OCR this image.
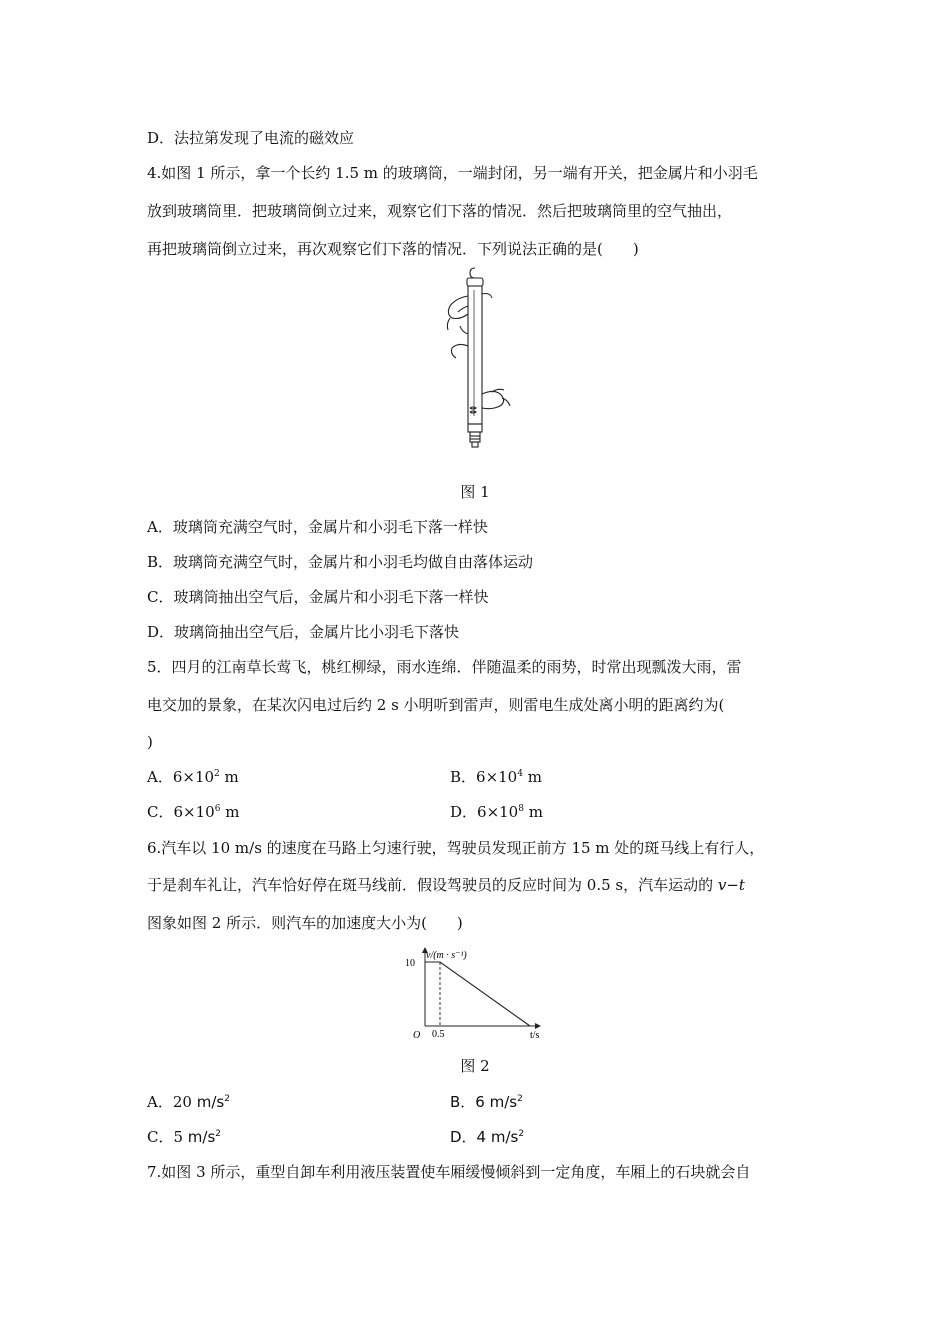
D．法拉第发现了电流的磁效应
4.如图 1 所示，拿一个长约 1.5 m 的玻璃筒，一端封闭，另一端有开关，把金属片和小羽毛
放到玻璃筒里．把玻璃筒倒立过来，观察它们下落的情况．然后把玻璃筒里的空气抽出，
再把玻璃筒倒立过来，再次观察它们下落的情况．下列说法正确的是(　　)
图 1
A．玻璃筒充满空气时，金属片和小羽毛下落一样快
B．玻璃筒充满空气时，金属片和小羽毛均做自由落体运动
C．玻璃筒抽出空气后，金属片和小羽毛下落一样快
D．玻璃筒抽出空气后，金属片比小羽毛下落快
5．四月的江南草长莺飞，桃红柳绿，雨水连绵．伴随温柔的雨势，时常出现瓢泼大雨，雷
电交加的景象，在某次闪电过后约 2 s 小明听到雷声，则雷电生成处离小明的距离约为(
)
A．$6\times 10^2$ m	B．$6\times 10^4$ m
C．$6\times 10^6$ m	D．$6\times 10^8$ m
6.汽车以 10 m/s 的速度在马路上匀速行驶，驾驶员发现正前方 15 m 处的斑马线上有行人，
于是刹车礼让，汽车恰好停在斑马线前．假设驾驶员的反应时间为 0.5 s，汽车运动的 v−t
图象如图 2 所示．则汽车的加速度大小为(　　)
v/(m · s⁻¹)
t/s
O
10
0.5
图 2
A．20 $m/s^2$	B．6 $m/s^2$
C．5 $m/s^2$	D．4 $m/s^2$
7.如图 3 所示，重型自卸车利用液压装置使车厢缓慢倾斜到一定角度，车厢上的石块就会自
